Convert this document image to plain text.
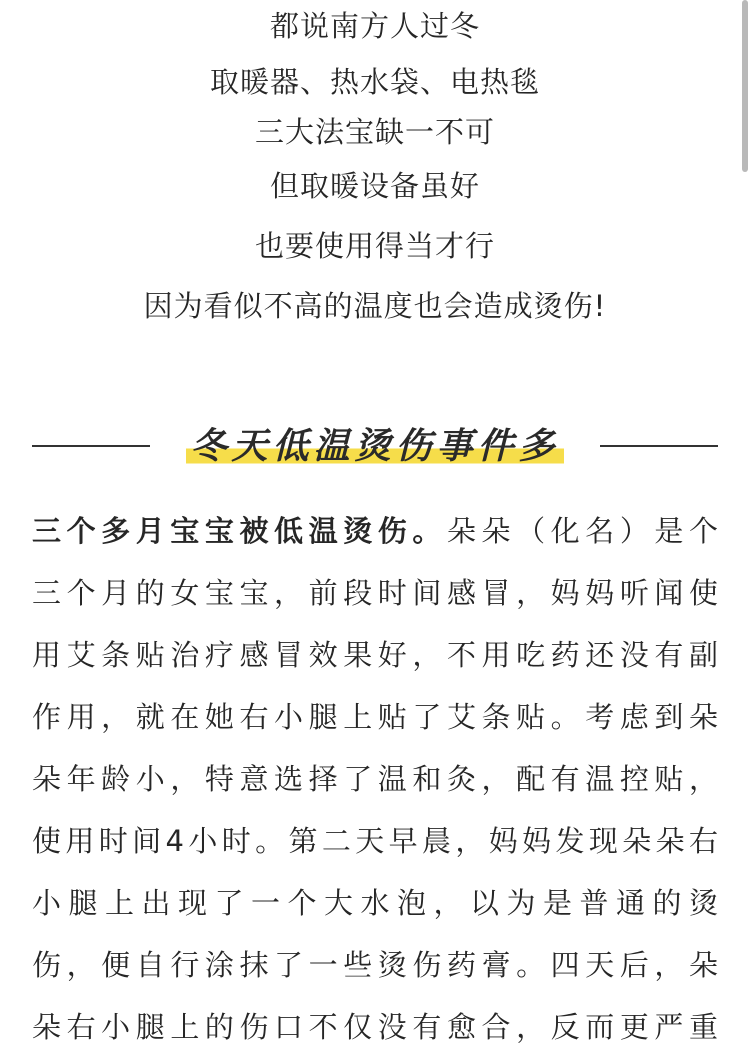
都说南方人过冬
取暖器、热水袋、电热毯
三大法宝缺一不可
但取暖设备虽好
也要使用得当才行
因为看似不高的温度也会造成烫伤!
冬天低温烫伤事件多
三个多月宝宝被低温烫伤。朵朵（化名）是个
三个月的女宝宝，前段时间感冒，妈妈听闻使
用艾条贴治疗感冒效果好，不用吃药还没有副
作用，就在她右小腿上贴了艾条贴。考虑到朵
朵年龄小，特意选择了温和灸，配有温控贴，
使用时间4小时。第二天早晨，妈妈发现朵朵右
小腿上出现了一个大水泡，以为是普通的烫
伤，便自行涂抹了一些烫伤药膏。四天后，朵
朵右小腿上的伤口不仅没有愈合，反而更严重
